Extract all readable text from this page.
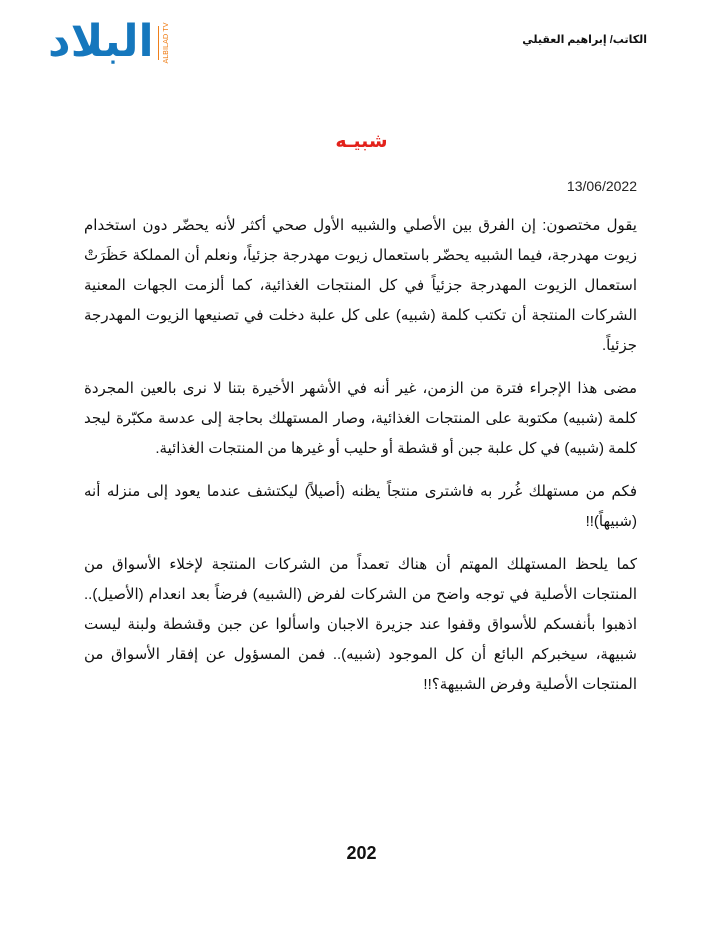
البلاد ALBILAD TV	الكاتب/ إبراهيم العقيلي
شبيـه
13/06/2022

يقول مختصون: إن الفرق بين الأصلي والشبيه الأول صحي أكثر لأنه يحضّر دون استخدام زيوت مهدرجة، فيما الشبيه يحضّر باستعمال زيوت مهدرجة جزئياً، ونعلم أن المملكة حَظَرَتْ استعمال الزيوت المهدرجة جزئياً في كل المنتجات الغذائية، كما ألزمت الجهات المعنية الشركات المنتجة أن تكتب كلمة (شبيه) على كل علبة دخلت في تصنيعها الزيوت المهدرجة جزئياً.

مضى هذا الإجراء فترة من الزمن، غير أنه في الأشهر الأخيرة بتنا لا نرى بالعين المجردة كلمة (شبيه) مكتوبة على المنتجات الغذائية، وصار المستهلك بحاجة إلى عدسة مكبّرة ليجد كلمة (شبيه) في كل علبة جبن أو قشطة أو حليب أو غيرها من المنتجات الغذائية.

فكم من مستهلك غُرر به فاشترى منتجاً يظنه (أصيلاً) ليكتشف عندما يعود إلى منزله أنه (شبيهاً)!!

كما يلحظ المستهلك المهتم أن هناك تعمداً من الشركات المنتجة لإخلاء الأسواق من المنتجات الأصلية في توجه واضح من الشركات لفرض (الشبيه) فرضاً بعد انعدام (الأصيل).. اذهبوا بأنفسكم للأسواق وقفوا عند جزيرة الاجبان واسألوا عن جبن وقشطة ولبنة ليست شبيهة، سيخبركم البائع أن كل الموجود (شبيه).. فمن المسؤول عن إفقار الأسواق من المنتجات الأصلية وفرض الشبيهة؟!!

202
